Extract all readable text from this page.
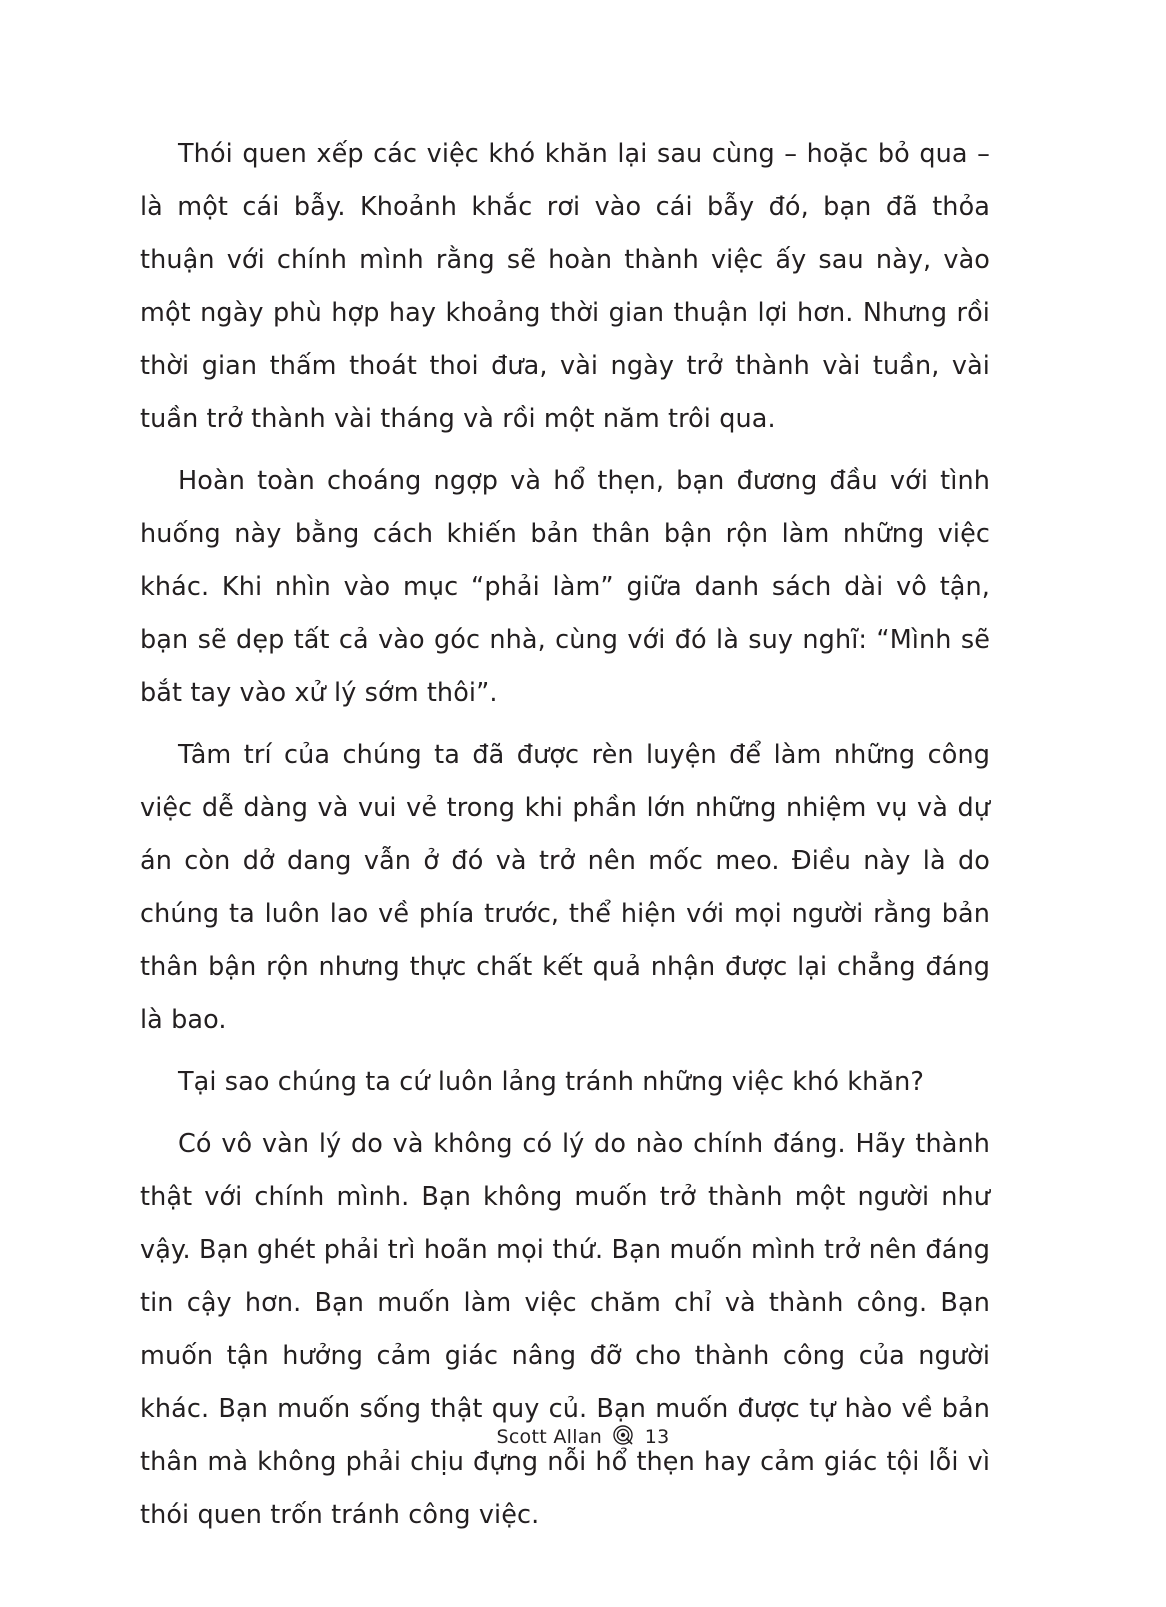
Thói quen xếp các việc khó khăn lại sau cùng – hoặc bỏ qua – là một cái bẫy. Khoảnh khắc rơi vào cái bẫy đó, bạn đã thỏa thuận với chính mình rằng sẽ hoàn thành việc ấy sau này, vào một ngày phù hợp hay khoảng thời gian thuận lợi hơn. Nhưng rồi thời gian thấm thoát thoi đưa, vài ngày trở thành vài tuần, vài tuần trở thành vài tháng và rồi một năm trôi qua.

Hoàn toàn choáng ngợp và hổ thẹn, bạn đương đầu với tình huống này bằng cách khiến bản thân bận rộn làm những việc khác. Khi nhìn vào mục “phải làm” giữa danh sách dài vô tận, bạn sẽ dẹp tất cả vào góc nhà, cùng với đó là suy nghĩ: “Mình sẽ bắt tay vào xử lý sớm thôi”.

Tâm trí của chúng ta đã được rèn luyện để làm những công việc dễ dàng và vui vẻ trong khi phần lớn những nhiệm vụ và dự án còn dở dang vẫn ở đó và trở nên mốc meo. Điều này là do chúng ta luôn lao về phía trước, thể hiện với mọi người rằng bản thân bận rộn nhưng thực chất kết quả nhận được lại chẳng đáng là bao.

Tại sao chúng ta cứ luôn lảng tránh những việc khó khăn?

Có vô vàn lý do và không có lý do nào chính đáng. Hãy thành thật với chính mình. Bạn không muốn trở thành một người như vậy. Bạn ghét phải trì hoãn mọi thứ. Bạn muốn mình trở nên đáng tin cậy hơn. Bạn muốn làm việc chăm chỉ và thành công. Bạn muốn tận hưởng cảm giác nâng đỡ cho thành công của người khác. Bạn muốn sống thật quy củ. Bạn muốn được tự hào về bản thân mà không phải chịu đựng nỗi hổ thẹn hay cảm giác tội lỗi vì thói quen trốn tránh công việc.

Scott Allan 13
